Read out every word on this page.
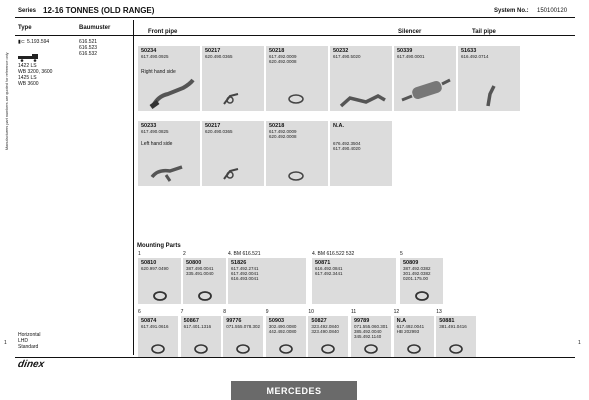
Series 12-16 TONNES (OLD RANGE)	System No.: 150100120
Type	Baumuster
Front pipe	Silencer	Tail pipe
▮⊂ 5.193.594
1422 LS
WB 3200, 3600
1425 LS
WB 3600
616.521
616.523
616.532
Manufacturers part numbers are quoted for reference only
50234
617.490.0925
Right hand side
50217
620.490.0365
50218
617.492.0009
620.492.0008
50232
617.490.5020
50339
617.490.0001
51633
616.492.0714
50233
617.490.0825
Left hand side
50217
620.490.0365
50218
617.492.0009
620.492.0008
N.A.
676.492.3504
617.490.4020
Mounting Parts
1
50810
620.997.0490
2
50800
387.490.0041
335.491.0040
4. BM 616.521
51826
617.492.2741
617.492.0041
616.493.0041
4. BM 616.522 532
50871
616.492.0841
617.492.3441
5
50809
387.492.0382
301.492.0382
0201.175.00
6
50874
617.491.0616
7
50867
617.401.1316
8
99776
071.555.078.302
9
50903
302.490.0080
442.492.0080
10
50827
323.492.0840
323.490.0840
11
99789
071.555.060.301
385.492.0040
345.492.1140
12
N.A
617.492.0041
HB 202993
13
50881
381.491.0416
Horizontal
LHD
Standard
1	1
dinex
MERCEDES
